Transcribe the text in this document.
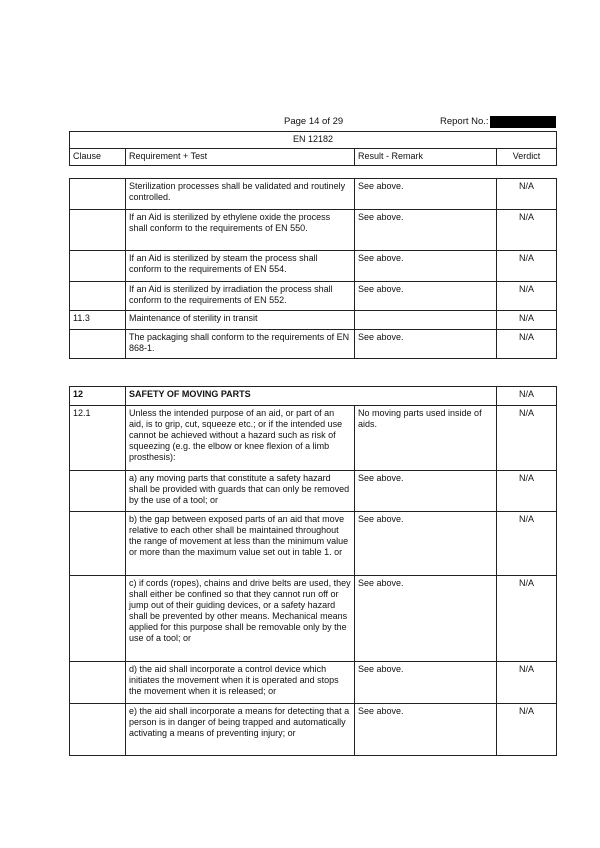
Page 14 of 29	Report No.:
EN 12182
Clause	Requirement + Test	Result - Remark	Verdict
	Sterilization processes shall be validated and routinely controlled.	See above.	N/A
	If an Aid is sterilized by ethylene oxide the process shall conform to the requirements of EN 550.	See above.	N/A
	If an Aid is sterilized by steam the process shall conform to the requirements of EN 554.	See above.	N/A
	If an Aid is sterilized by irradiation the process shall conform to the requirements of EN 552.	See above.	N/A
11.3	Maintenance of sterility in transit		N/A
	The packaging shall conform to the requirements of EN 868-1.	See above.	N/A
12	SAFETY OF MOVING PARTS		N/A
12.1	Unless the intended purpose of an aid, or part of an aid, is to grip, cut, squeeze etc.; or if the intended use cannot be achieved without a hazard such as risk of squeezing (e.g. the elbow or knee flexion of a limb prosthesis):	No moving parts used inside of aids.	N/A
	a) any moving parts that constitute a safety hazard shall be provided with guards that can only be removed by the use of a tool; or	See above.	N/A
	b) the gap between exposed parts of an aid that move relative to each other shall be maintained throughout the range of movement at less than the minimum value or more than the maximum value set out in table 1. or	See above.	N/A
	c) if cords (ropes), chains and drive belts are used, they shall either be confined so that they cannot run off or jump out of their guiding devices, or a safety hazard shall be prevented by other means. Mechanical means applied for this purpose shall be removable only by the use of a tool; or	See above.	N/A
	d) the aid shall incorporate a control device which initiates the movement when it is operated and stops the movement when it is released; or	See above.	N/A
	e) the aid shall incorporate a means for detecting that a person is in danger of being trapped and automatically activating a means of preventing injury; or	See above.	N/A
